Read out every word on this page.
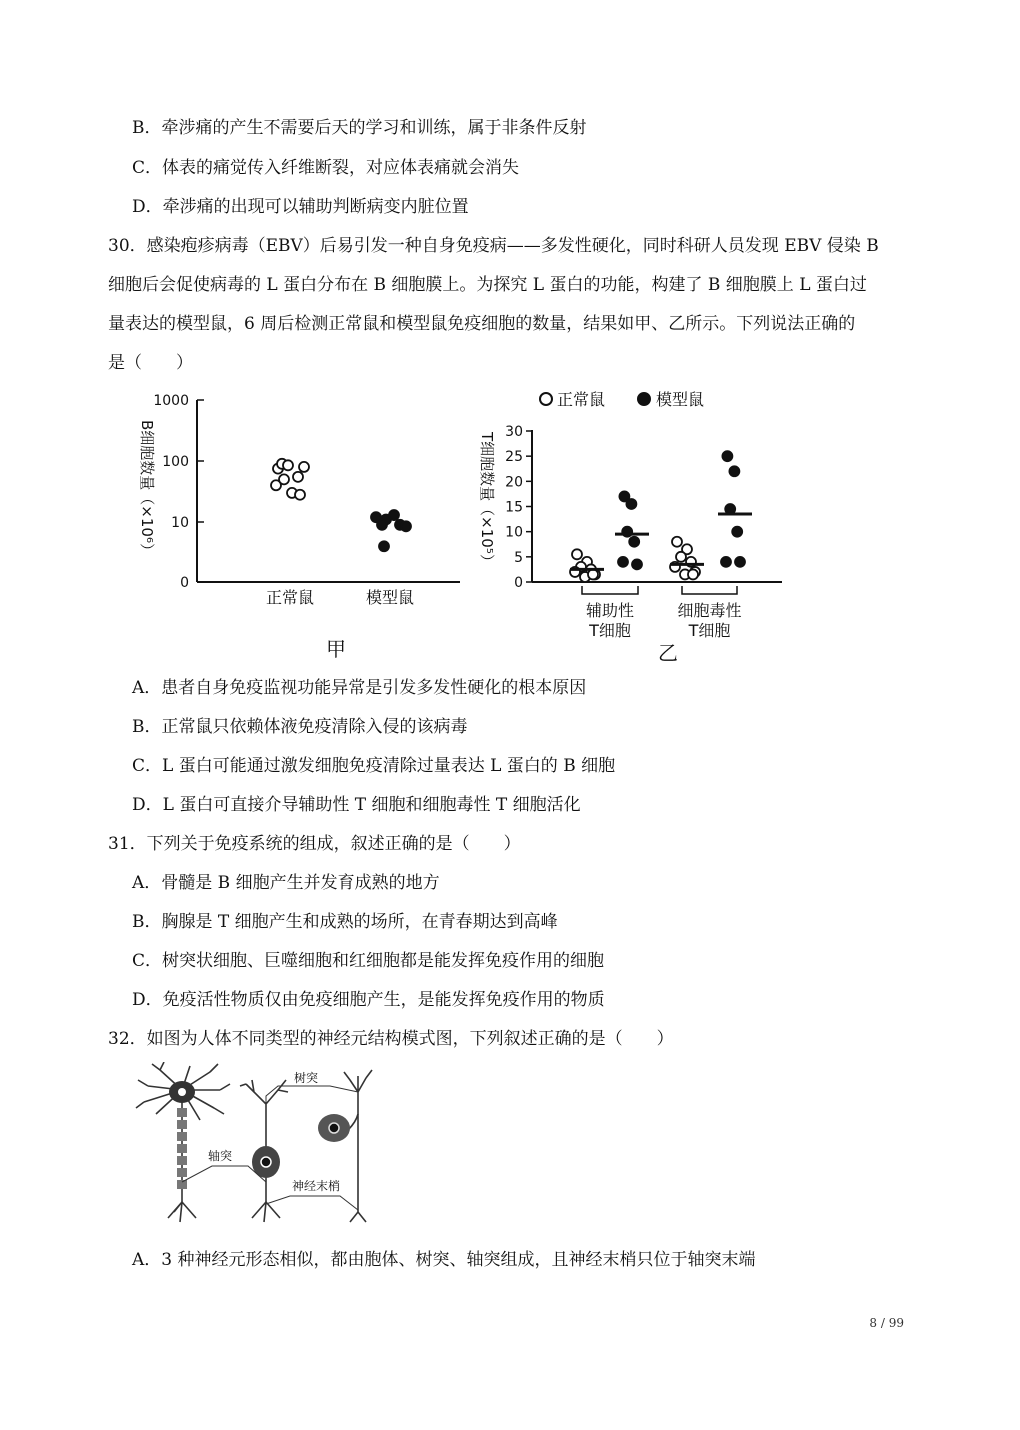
B．牵涉痛的产生不需要后天的学习和训练，属于非条件反射
C．体表的痛觉传入纤维断裂，对应体表痛就会消失
D．牵涉痛的出现可以辅助判断病变内脏位置
30．感染疱疹病毒（EBV）后易引发一种自身免疫病——多发性硬化，同时科研人员发现 EBV 侵染 B
细胞后会促使病毒的 L 蛋白分布在 B 细胞膜上。为探究 L 蛋白的功能，构建了 B 细胞膜上 L 蛋白过
量表达的模型鼠，6 周后检测正常鼠和模型鼠免疫细胞的数量，结果如甲、乙所示。下列说法正确的
是（　　）
0
10
100
1000
B细胞数量（×10⁶）
正常鼠	模型鼠
甲
0
5
10
15
20
25
30
T细胞数量（×10⁵）
正常鼠	模型鼠
辅助性
T细胞
细胞毒性
T细胞
乙
A．患者自身免疫监视功能异常是引发多发性硬化的根本原因
B．正常鼠只依赖体液免疫清除入侵的该病毒
C．L 蛋白可能通过激发细胞免疫清除过量表达 L 蛋白的 B 细胞
D．L 蛋白可直接介导辅助性 T 细胞和细胞毒性 T 细胞活化
31．下列关于免疫系统的组成，叙述正确的是（　　）
A．骨髓是 B 细胞产生并发育成熟的地方
B．胸腺是 T 细胞产生和成熟的场所，在青春期达到高峰
C．树突状细胞、巨噬细胞和红细胞都是能发挥免疫作用的细胞
D．免疫活性物质仅由免疫细胞产生，是能发挥免疫作用的物质
32．如图为人体不同类型的神经元结构模式图，下列叙述正确的是（　　）
树突
轴突
神经末梢
A．3 种神经元形态相似，都由胞体、树突、轴突组成，且神经末梢只位于轴突末端
8 / 99
